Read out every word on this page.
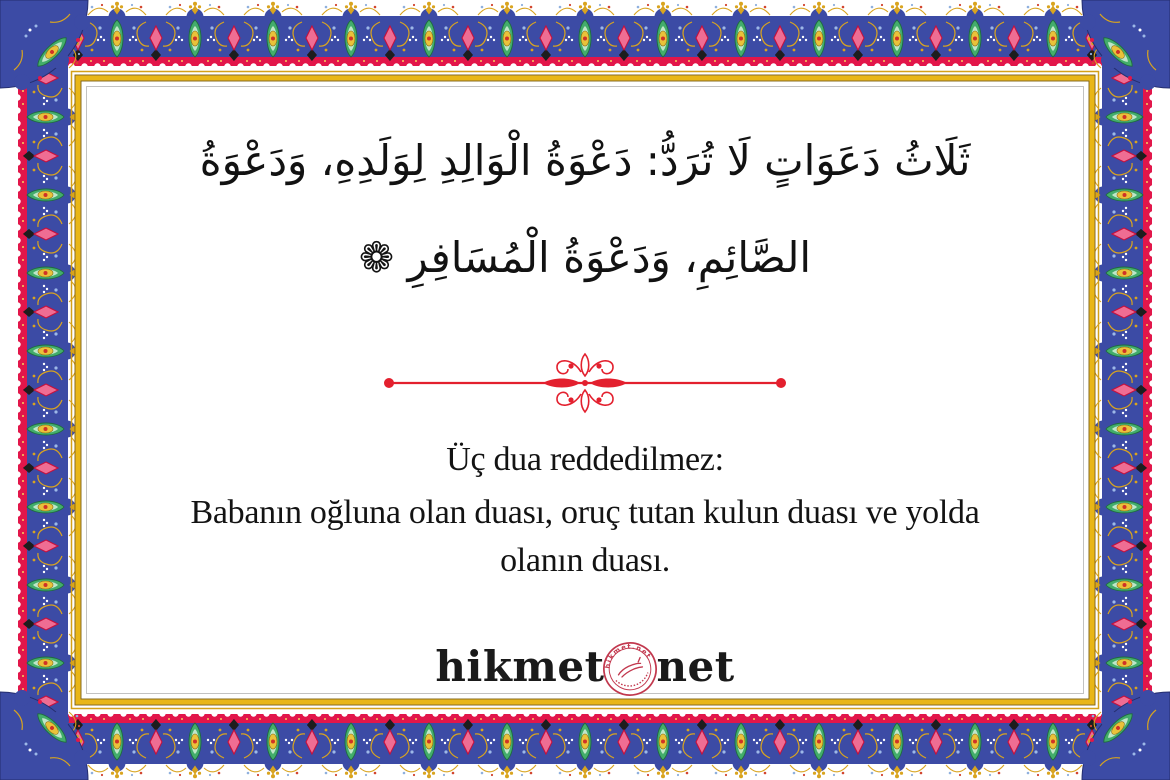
ثَلَاثُ دَعَوَاتٍ لَا تُرَدُّ: دَعْوَةُ الْوَالِدِ لِوَلَدِهِ، وَدَعْوَةُ
الصَّائِمِ، وَدَعْوَةُ الْمُسَافِرِ ❁
Üç dua reddedilmez:
Babanın oğluna olan duası, oruç tutan kulun duası ve yolda
olanın duası.
hikmet hikmet.net net
